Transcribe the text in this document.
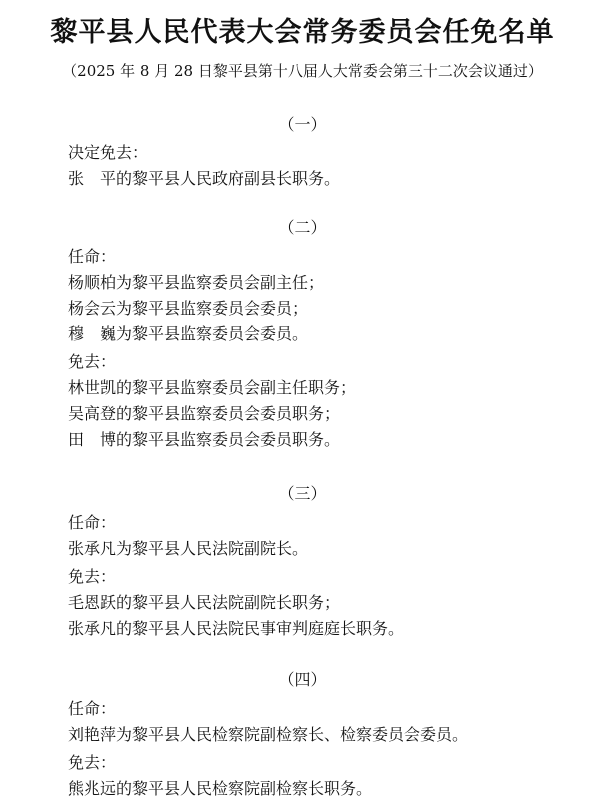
黎平县人民代表大会常务委员会任免名单
（2025 年 8 月 28 日黎平县第十八届人大常委会第三十二次会议通过）
（一）
决定免去：
张　平的黎平县人民政府副县长职务。
（二）
任命：
杨顺柏为黎平县监察委员会副主任；
杨会云为黎平县监察委员会委员；
穆　巍为黎平县监察委员会委员。
免去：
林世凯的黎平县监察委员会副主任职务；
吴高登的黎平县监察委员会委员职务；
田　博的黎平县监察委员会委员职务。
（三）
任命：
张承凡为黎平县人民法院副院长。
免去：
毛恩跃的黎平县人民法院副院长职务；
张承凡的黎平县人民法院民事审判庭庭长职务。
（四）
任命：
刘艳萍为黎平县人民检察院副检察长、检察委员会委员。
免去：
熊兆远的黎平县人民检察院副检察长职务。
